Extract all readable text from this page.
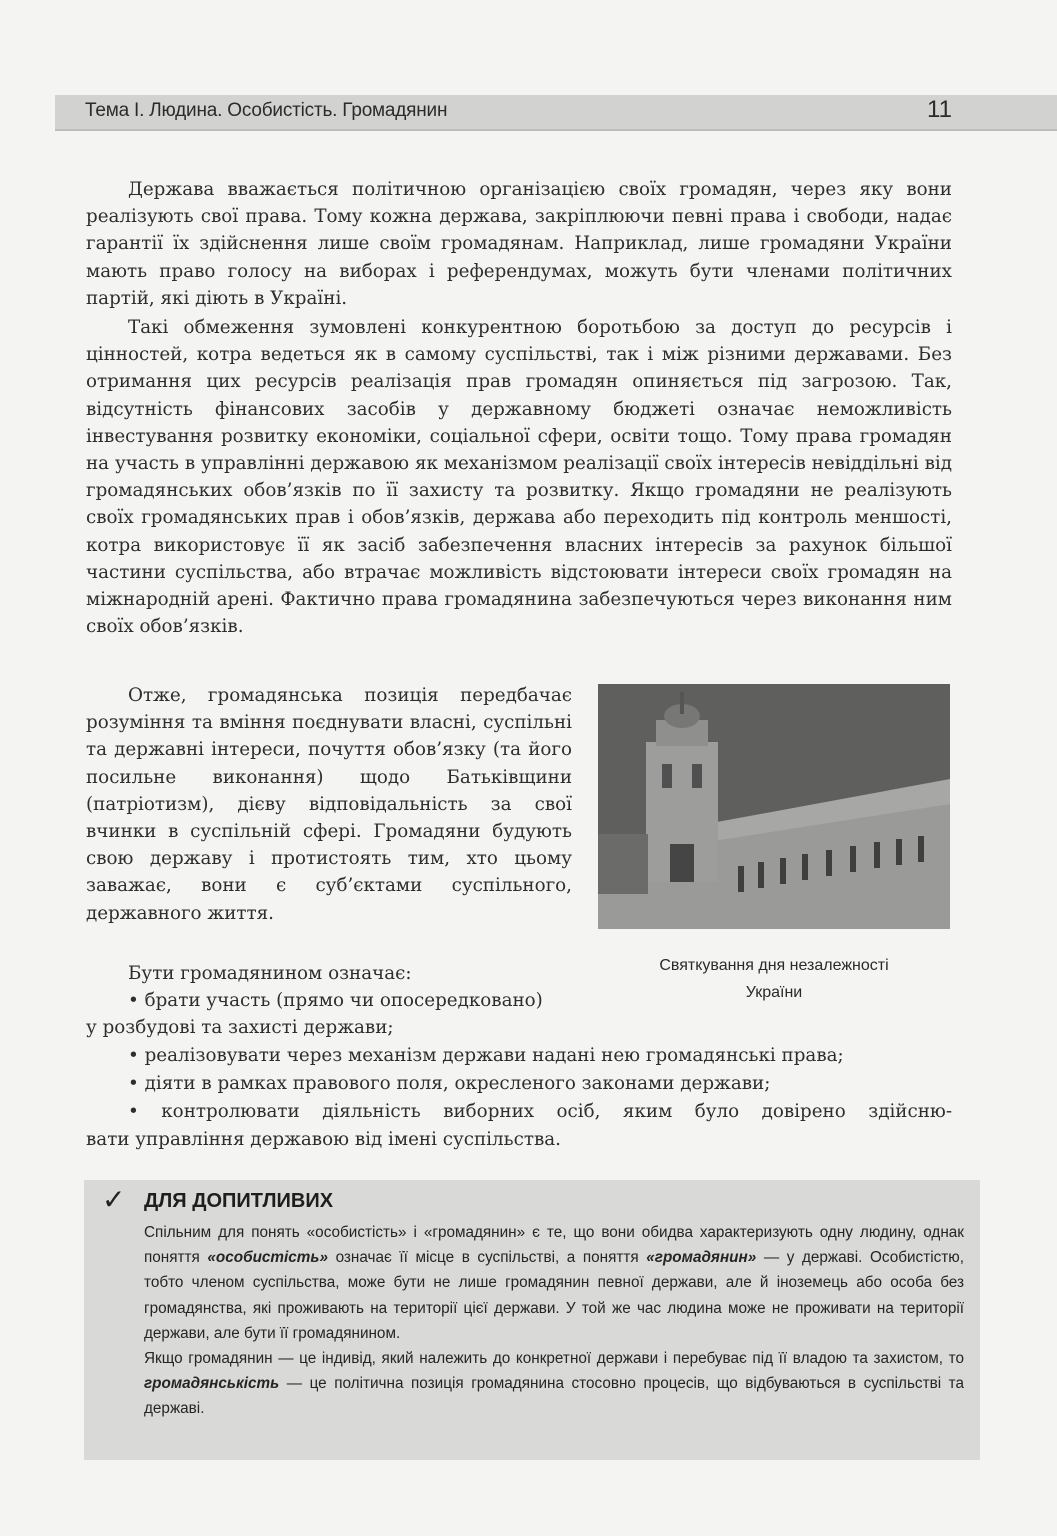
Тема І. Людина. Особистість. Громадянин	11

Держава вважається політичною організацією своїх громадян, через яку вони реалізують свої права. Тому кожна держава, закріплюючи певні права і свободи, надає гарантії їх здійснення лише своїм громадянам. Наприклад, лише громадяни України мають право голосу на виборах і референдумах, можуть бути членами політичних партій, які діють в Україні.

Такі обмеження зумовлені конкурентною боротьбою за доступ до ресурсів і цінностей, котра ведеться як в самому суспільстві, так і між різними державами. Без отримання цих ресурсів реалізація прав громадян опиняється під загрозою. Так, відсутність фінансових засобів у державному бюджеті означає неможливість інвестування розвитку економіки, соціальної сфери, освіти тощо. Тому права громадян на участь в управлінні державою як механізмом реалізації своїх інтересів невіддільні від громадянських обов’язків по її захисту та розвитку. Якщо громадяни не реалізують своїх громадянських прав і обов’язків, держава або переходить під контроль меншості, котра використовує її як засіб забезпечення власних інтересів за рахунок більшої частини суспільства, або втрачає можливість відстоювати інтереси своїх громадян на міжнародній арені. Фактично права громадянина забезпечуються через виконання ним своїх обов’язків.

Отже, громадянська позиція передбачає розуміння та вміння поєднувати власні, суспільні та державні інтереси, почуття обов’язку (та його посильне виконання) щодо Батьківщини (патріотизм), дієву відповідальність за свої вчинки в суспільній сфері. Громадяни будують свою державу і протистоять тим, хто цьому заважає, вони є суб’єктами суспільного, державного життя.

Святкування дня незалежності
України
Бути громадянином означає:
• брати участь (прямо чи опосередковано)
у розбудові та захисті держави;
• реалізовувати через механізм держави надані нею громадянські права;
• діяти в рамках правового поля, окресленого законами держави;
• контролювати діяльність виборних осіб, яким було довірено здійсню-
вати управління державою від імені суспільства.
✓ ДЛЯ ДОПИТЛИВИХ

Спільним для понять «особистість» і «громадянин» є те, що вони обидва характеризують одну людину, однак поняття «особистість» означає її місце в суспільстві, а поняття «громадянин» — у державі. Особистістю, тобто членом суспільства, може бути не лише громадянин певної держави, але й іноземець або особа без громадянства, які проживають на території цієї держави. У той же час людина може не проживати на території держави, але бути її громадянином.
Якщо громадянин — це індивід, який належить до конкретної держави і перебуває під її владою та захистом, то громадянськість — це політична позиція громадянина стосовно процесів, що відбуваються в суспільстві та державі.
